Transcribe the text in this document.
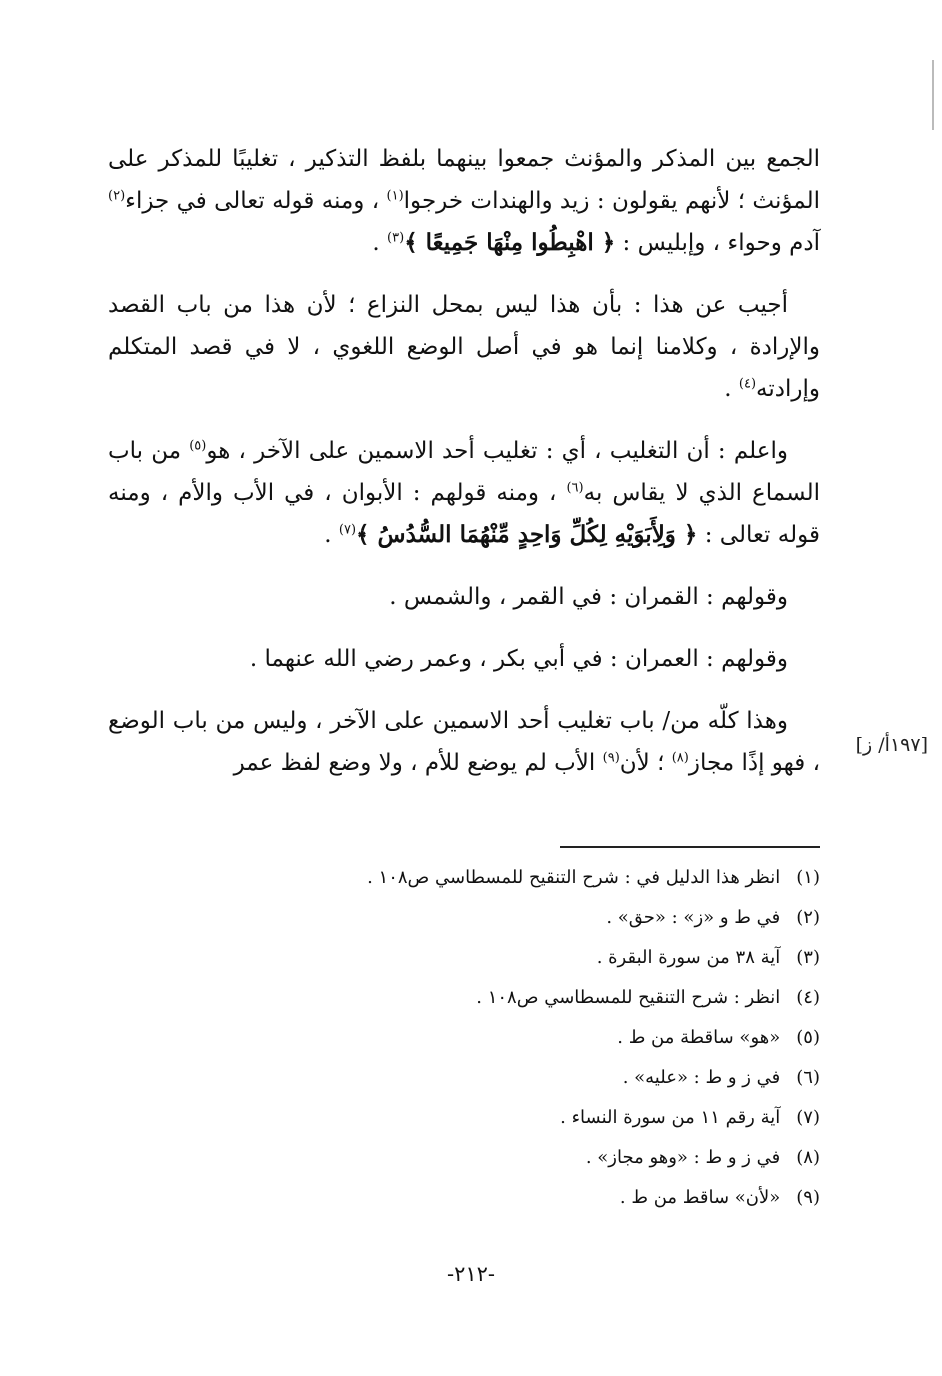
الجمع بين المذكر والمؤنث جمعوا بينهما بلفظ التذكير ، تغليبًا للمذكر على المؤنث ؛ لأنهم يقولون : زيد والهندات خرجوا$^{(١)}$ ، ومنه قوله تعالى في جزاء$^{(٢)}$ آدم وحواء ، وإبليس : ﴿ اهْبِطُوا مِنْهَا جَمِيعًا ﴾$^{(٣)}$ .

أجيب عن هذا : بأن هذا ليس بمحل النزاع ؛ لأن هذا من باب القصد والإرادة ، وكلامنا إنما هو في أصل الوضع اللغوي ، لا في قصد المتكلم وإرادته$^{(٤)}$ .

واعلم : أن التغليب ، أي : تغليب أحد الاسمين على الآخر ، هو$^{(٥)}$ من باب السماع الذي لا يقاس به$^{(٦)}$ ، ومنه قولهم : الأبوان ، في الأب والأم ، ومنه قوله تعالى : ﴿ وَلِأَبَوَيْهِ لِكُلِّ وَاحِدٍ مِّنْهُمَا السُّدُسُ ﴾$^{(٧)}$ .

وقولهم : القمران : في القمر ، والشمس .

وقولهم : العمران : في أبي بكر ، وعمر رضي الله عنهما .

وهذا كلّه من/ باب تغليب أحد الاسمين على الآخر ، وليس من باب الوضع ، فهو إذًا مجاز$^{(٨)}$ ؛ لأن$^{(٩)}$ الأب لم يوضع للأم ، ولا وضع لفظ عمر

[١٩٧أ/ ز]
(١) انظر هذا الدليل في : شرح التنقيح للمسطاسي ص١٠٨ .
(٢) في ط و «ز» : «حق» .
(٣) آية ٣٨ من سورة البقرة .
(٤) انظر : شرح التنقيح للمسطاسي ص١٠٨ .
(٥) «هو» ساقطة من ط .
(٦) في ز و ط : «عليه» .
(٧) آية رقم ١١ من سورة النساء .
(٨) في ز و ط : «وهو مجاز» .
(٩) «لأن» ساقط من ط .
-٢١٢-
